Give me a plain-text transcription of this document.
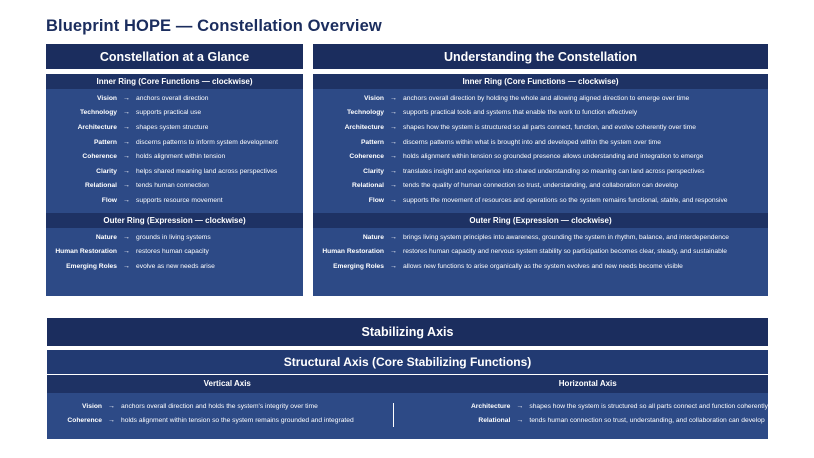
Blueprint HOPE — Constellation Overview
Constellation at a Glance
Inner Ring (Core Functions — clockwise)
Vision → anchors overall direction
Technology → supports practical use
Architecture → shapes system structure
Pattern → discerns patterns to inform system development
Coherence → holds alignment within tension
Clarity → helps shared meaning land across perspectives
Relational → tends human connection
Flow → supports resource movement
Outer Ring (Expression — clockwise)
Nature → grounds in living systems
Human Restoration → restores human capacity
Emerging Roles → evolve as new needs arise
Understanding the Constellation
Inner Ring (Core Functions — clockwise)
Vision → anchors overall direction by holding the whole and allowing aligned direction to emerge over time
Technology → supports practical tools and systems that enable the work to function effectively
Architecture → shapes how the system is structured so all parts connect, function, and evolve coherently over time
Pattern → discerns patterns within what is brought into and developed within the system over time
Coherence → holds alignment within tension so grounded presence allows understanding and integration to emerge
Clarity → translates insight and experience into shared understanding so meaning can land across perspectives
Relational → tends the quality of human connection so trust, understanding, and collaboration can develop
Flow → supports the movement of resources and operations so the system remains functional, stable, and responsive
Outer Ring (Expression — clockwise)
Nature → brings living system principles into awareness, grounding the system in rhythm, balance, and interdependence
Human Restoration → restores human capacity and nervous system stability so participation becomes clear, steady, and sustainable
Emerging Roles → allows new functions to arise organically as the system evolves and new needs become visible
Stabilizing Axis
Structural Axis (Core Stabilizing Functions)
Vertical Axis	Horizontal Axis
Vision → anchors overall direction and holds the system's integrity over time
Coherence → holds alignment within tension so the system remains grounded and integrated
Architecture → shapes how the system is structured so all parts connect and function coherently
Relational → tends human connection so trust, understanding, and collaboration can develop
